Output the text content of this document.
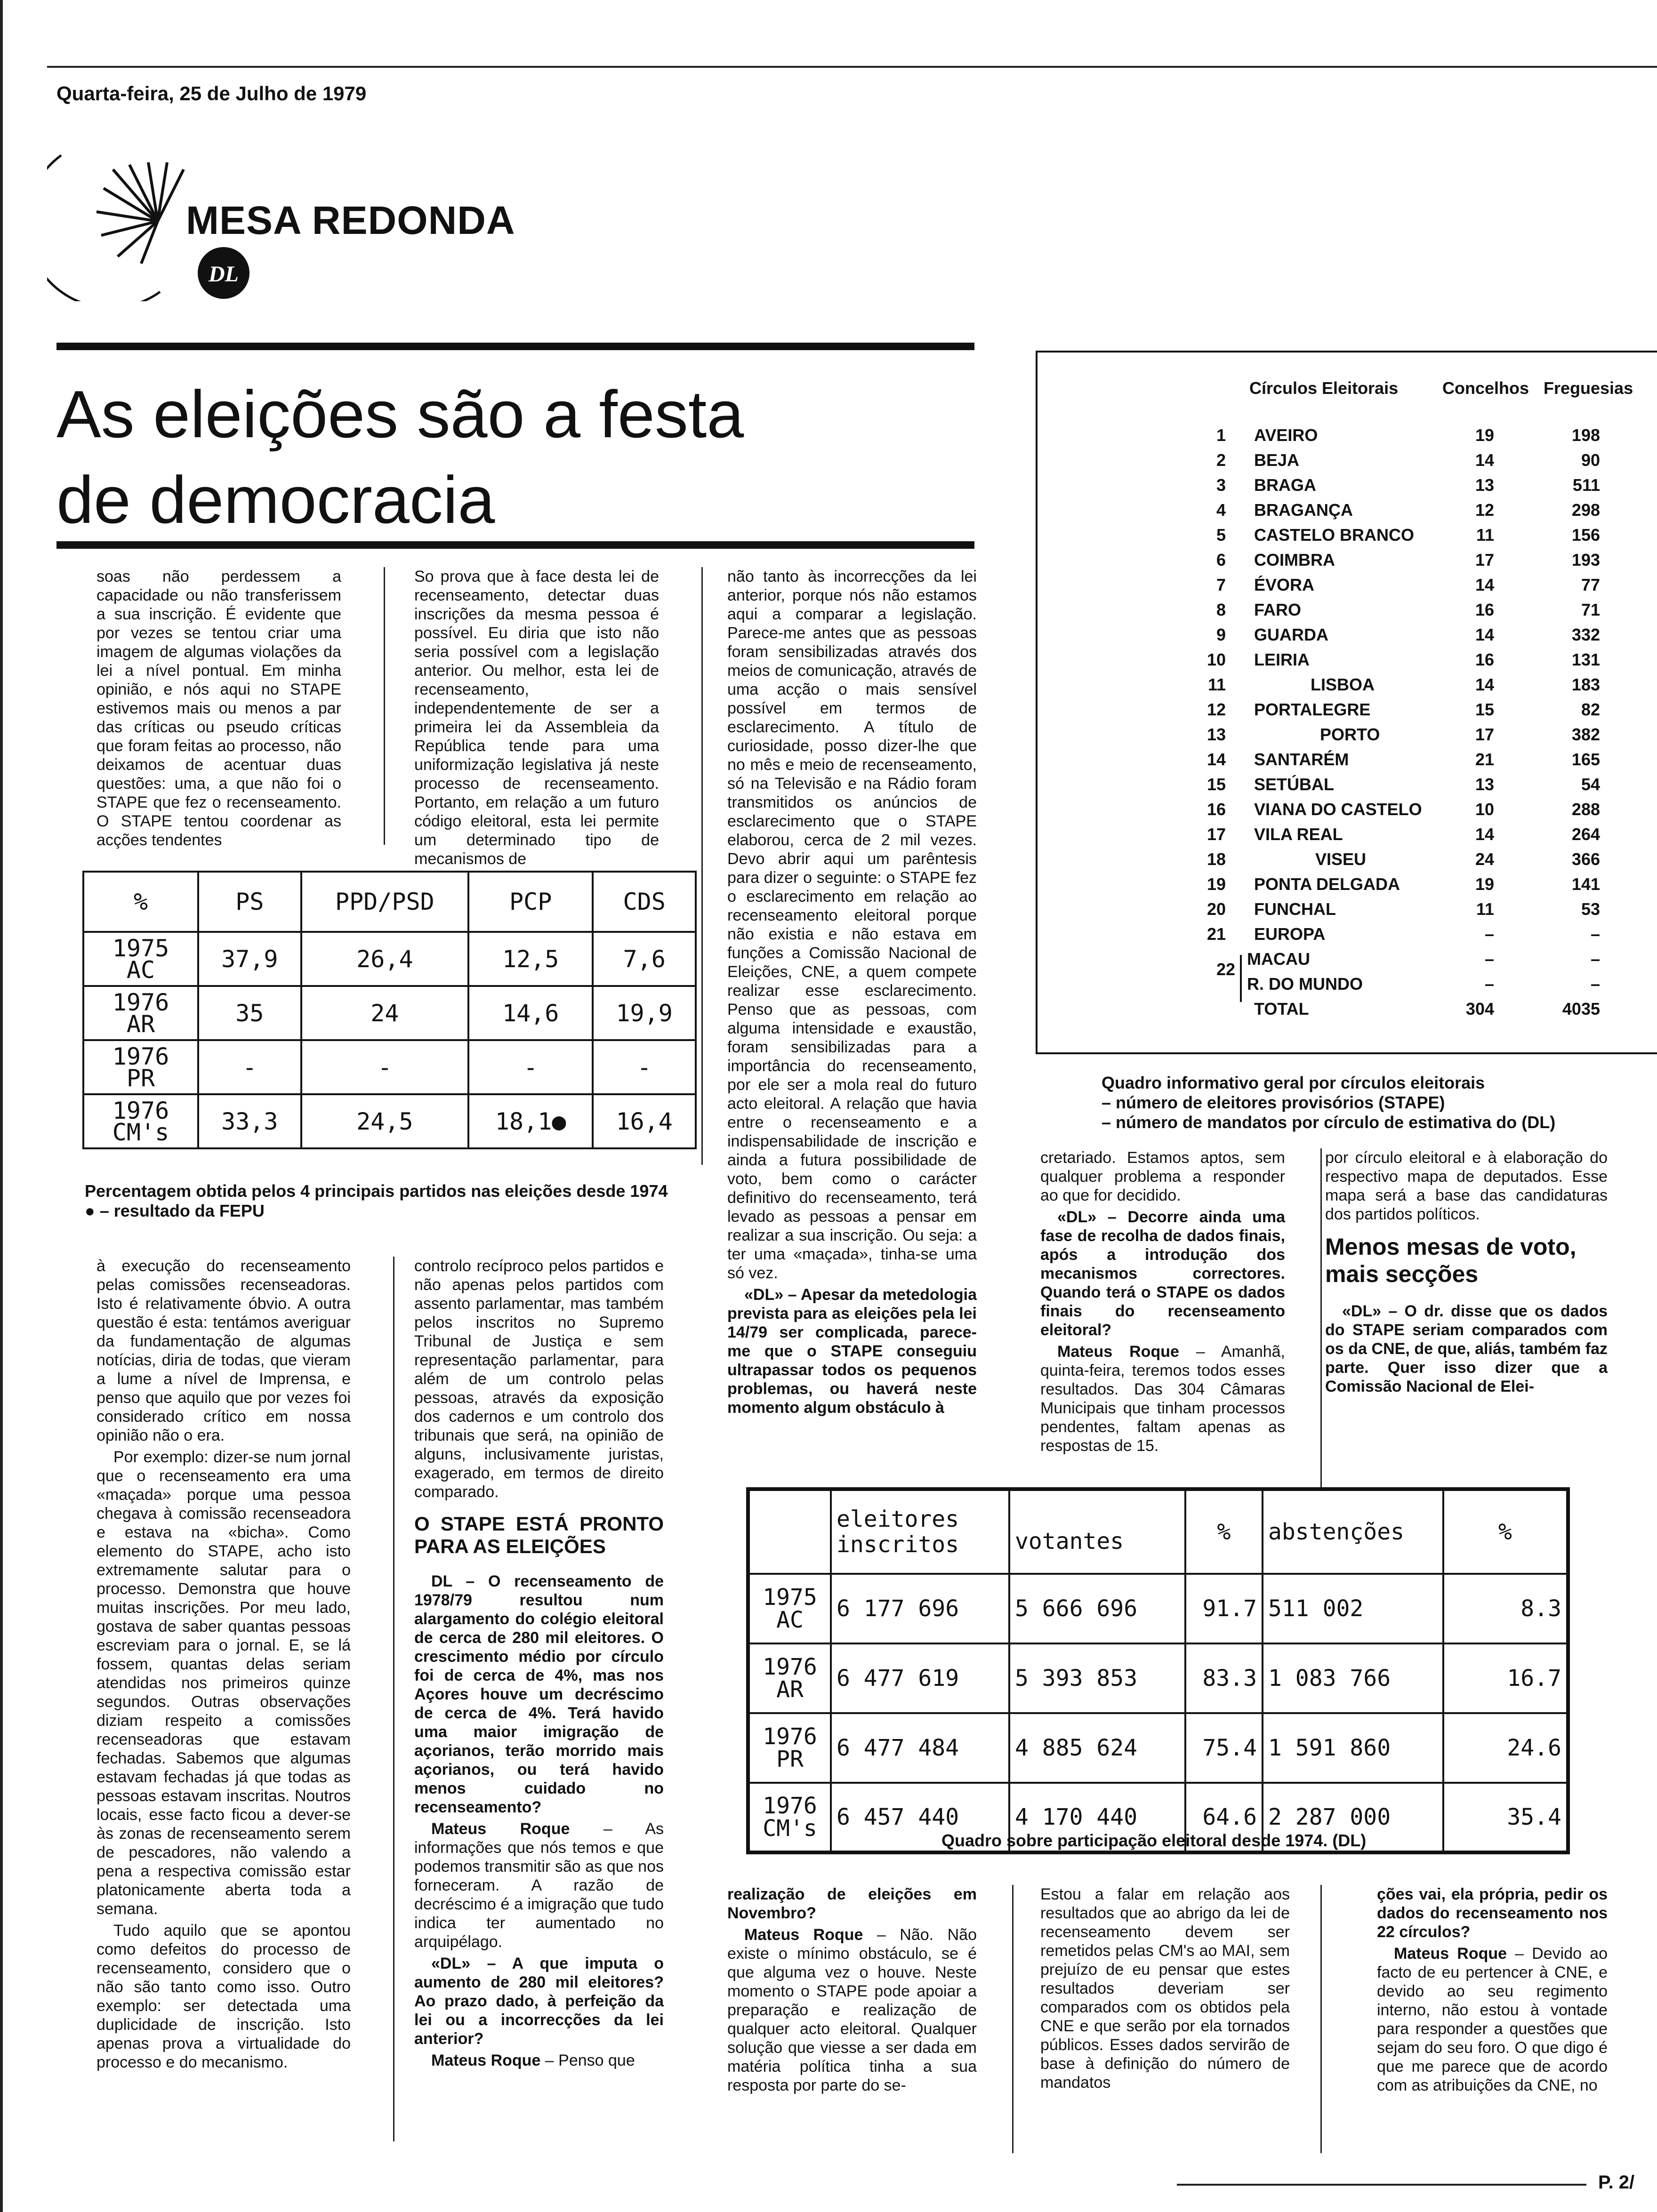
Quarta-feira, 25 de Julho de 1979
DL
MESA REDONDA
As eleições são a festa
de democracia

soas não perdessem a capacidade ou não transferissem a sua inscrição. É evidente que por vezes se tentou criar uma imagem de algumas violações da lei a nível pontual. Em minha opinião, e nós aqui no STAPE estivemos mais ou menos a par das críticas ou pseudo críticas que foram feitas ao processo, não deixamos de acentuar duas questões: uma, a que não foi o STAPE que fez o recenseamento. O STAPE tentou coordenar as acções tendentes

So prova que à face desta lei de recenseamento, detectar duas inscrições da mesma pessoa é possível. Eu diria que isto não seria possível com a legislação anterior. Ou melhor, esta lei de recenseamento, independentemente de ser a primeira lei da Assembleia da República tende para uma uniformização legislativa já neste processo de recenseamento. Portanto, em relação a um futuro código eleitoral, esta lei permite um determinado tipo de mecanismos de

não tanto às incorrecções da lei anterior, porque nós não estamos aqui a comparar a legislação. Parece-me antes que as pessoas foram sensibilizadas através dos meios de comunicação, através de uma acção o mais sensível possível em termos de esclarecimento. A título de curiosidade, posso dizer-lhe que no mês e meio de recenseamento, só na Televisão e na Rádio foram transmitidos os anúncios de esclarecimento que o STAPE elaborou, cerca de 2 mil vezes. Devo abrir aqui um parêntesis para dizer o seguinte: o STAPE fez o esclarecimento em relação ao recenseamento eleitoral porque não existia e não estava em funções a Comissão Nacional de Eleições, CNE, a quem compete realizar esse esclarecimento. Penso que as pessoas, com alguma intensidade e exaustão, foram sensibilizadas para a importância do recenseamento, por ele ser a mola real do futuro acto eleitoral. A relação que havia entre o recenseamento e a indispensabilidade de inscrição e ainda a futura possibilidade de voto, bem como o carácter definitivo do recenseamento, terá levado as pessoas a pensar em realizar a sua inscrição. Ou seja: a ter uma «maçada», tinha-se uma só vez.

«DL» – Apesar da metedologia prevista para as eleições pela lei 14/79 ser complicada, parece-me que o STAPE conseguiu ultrapassar todos os pequenos problemas, ou haverá neste momento algum obstáculo à

%	PS	PPD/PSD	PCP	CDS
1975
AC	37,9	26,4	12,5	7,6
1976
AR	35	24	14,6	19,9
1976
PR	-	-	-	-
1976
CM's	33,3	24,5	18,1●	16,4
Percentagem obtida pelos 4 principais partidos nas eleições desde 1974
● – resultado da FEPU
Círculos Eleitorais	Concelhos Freguesias
1 AVEIRO	19	198
2 BEJA	14	90
3 BRAGA	13	511
4 BRAGANÇA	12	298
5 CASTELO BRANCO	11	156
6 COIMBRA	17	193
7 ÉVORA	14	77
8 FARO	16	71
9 GUARDA	14	332
10 LEIRIA	16	131
11	LISBOA	14	183
12 PORTALEGRE	15	82
13	PORTO	17	382
14 SANTARÉM	21	165
15 SETÚBAL	13	54
16 VIANA DO CASTELO	10	288
17 VILA REAL	14	264
18	VISEU	24	366
19 PONTA DELGADA	19	141
20 FUNCHAL	11	53
21 EUROPA	–	–
22
MACAU	–	–
R. DO MUNDO	–	–
TOTAL	304	4035
Quadro informativo geral por círculos eleitorais
– número de eleitores provisórios (STAPE)
– número de mandatos por círculo de estimativa do (DL)

cretariado. Estamos aptos, sem qualquer problema a responder ao que for decidido.

«DL» – Decorre ainda uma fase de recolha de dados finais, após a introdução dos mecanismos correctores. Quando terá o STAPE os dados finais do recenseamento eleitoral?

Mateus Roque – Amanhã, quinta-feira, teremos todos esses resultados. Das 304 Câmaras Municipais que tinham processos pendentes, faltam apenas as respostas de 15.

por círculo eleitoral e à elaboração do respectivo mapa de deputados. Esse mapa será a base das candidaturas dos partidos políticos.

Menos mesas de voto, mais secções

«DL» – O dr. disse que os dados do STAPE seriam comparados com os da CNE, de que, aliás, também faz parte. Quer isso dizer que a Comissão Nacional de Elei-

à execução do recenseamento pelas comissões recenseadoras. Isto é relativamente óbvio. A outra questão é esta: tentámos averiguar da fundamentação de algumas notícias, diria de todas, que vieram a lume a nível de Imprensa, e penso que aquilo que por vezes foi considerado crítico em nossa opinião não o era.

Por exemplo: dizer-se num jornal que o recenseamento era uma «maçada» porque uma pessoa chegava à comissão recenseadora e estava na «bicha». Como elemento do STAPE, acho isto extremamente salutar para o processo. Demonstra que houve muitas inscrições. Por meu lado, gostava de saber quantas pessoas escreviam para o jornal. E, se lá fossem, quantas delas seriam atendidas nos primeiros quinze segundos. Outras observações diziam respeito a comissões recenseadoras que estavam fechadas. Sabemos que algumas estavam fechadas já que todas as pessoas estavam inscritas. Noutros locais, esse facto ficou a dever-se às zonas de recenseamento serem de pescadores, não valendo a pena a respectiva comissão estar platonicamente aberta toda a semana.

Tudo aquilo que se apontou como defeitos do processo de recenseamento, considero que o não são tanto como isso. Outro exemplo: ser detectada uma duplicidade de inscrição. Isto apenas prova a virtualidade do processo e do mecanismo.

controlo recíproco pelos partidos e não apenas pelos partidos com assento parlamentar, mas também pelos inscritos no Supremo Tribunal de Justiça e sem representação parlamentar, para além de um controlo pelas pessoas, através da exposição dos cadernos e um controlo dos tribunais que será, na opinião de alguns, inclusivamente juristas, exagerado, em termos de direito comparado.

O STAPE ESTÁ PRONTO PARA AS ELEIÇÕES

DL – O recenseamento de 1978/79 resultou num alargamento do colégio eleitoral de cerca de 280 mil eleitores. O crescimento médio por círculo foi de cerca de 4%, mas nos Açores houve um decréscimo de cerca de 4%. Terá havido uma maior imigração de açorianos, terão morrido mais açorianos, ou terá havido menos cuidado no recenseamento?

Mateus Roque – As informações que nós temos e que podemos transmitir são as que nos forneceram. A razão de decréscimo é a imigração que tudo indica ter aumentado no arquipélago.

«DL» – A que imputa o aumento de 280 mil eleitores? Ao prazo dado, à perfeição da lei ou a incorrecções da lei anterior?

Mateus Roque – Penso que

	eleitores inscritos	votantes	%	abstenções	%
1975
AC	6 177 696	5 666 696	91.7	511 002	8.3
1976
AR	6 477 619	5 393 853	83.3	1 083 766	16.7
1976
PR	6 477 484	4 885 624	75.4	1 591 860	24.6
1976
CM's	6 457 440	4 170 440	64.6	2 287 000	35.4
Quadro sobre participação eleitoral desde 1974. (DL)

realização de eleições em Novembro?

Mateus Roque – Não. Não existe o mínimo obstáculo, se é que alguma vez o houve. Neste momento o STAPE pode apoiar a preparação e realização de qualquer acto eleitoral. Qualquer solução que viesse a ser dada em matéria política tinha a sua resposta por parte do se-

Estou a falar em relação aos resultados que ao abrigo da lei de recenseamento devem ser remetidos pelas CM's ao MAI, sem prejuízo de eu pensar que estes resultados deveriam ser comparados com os obtidos pela CNE e que serão por ela tornados públicos. Esses dados servirão de base à definição do número de mandatos

ções vai, ela própria, pedir os dados do recenseamento nos 22 círculos?

Mateus Roque – Devido ao facto de eu pertencer à CNE, e devido ao seu regimento interno, não estou à vontade para responder a questões que sejam do seu foro. O que digo é que me parece que de acordo com as atribuições da CNE, no

P. 2/
